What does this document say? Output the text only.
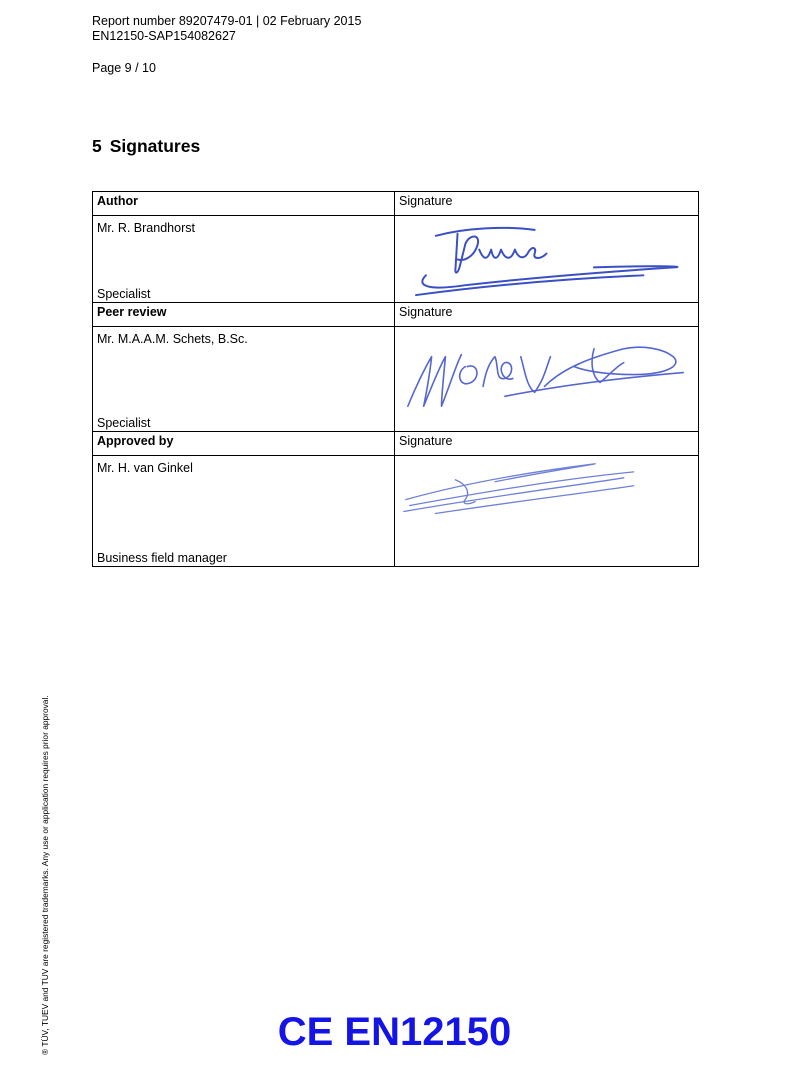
Report number 89207479-01 | 02 February 2015
EN12150-SAP154082627
Page 9 / 10
5 Signatures
Author	Signature

Mr. R. Brandhorst
Specialist

Peer review	Signature

Mr. M.A.A.M. Schets, B.Sc.
Specialist

Approved by	Signature

Mr. H. van Ginkel
Business field manager

® TÜV, TUEV and TUV are registered trademarks. Any use or application requires prior approval.	CE EN12150
